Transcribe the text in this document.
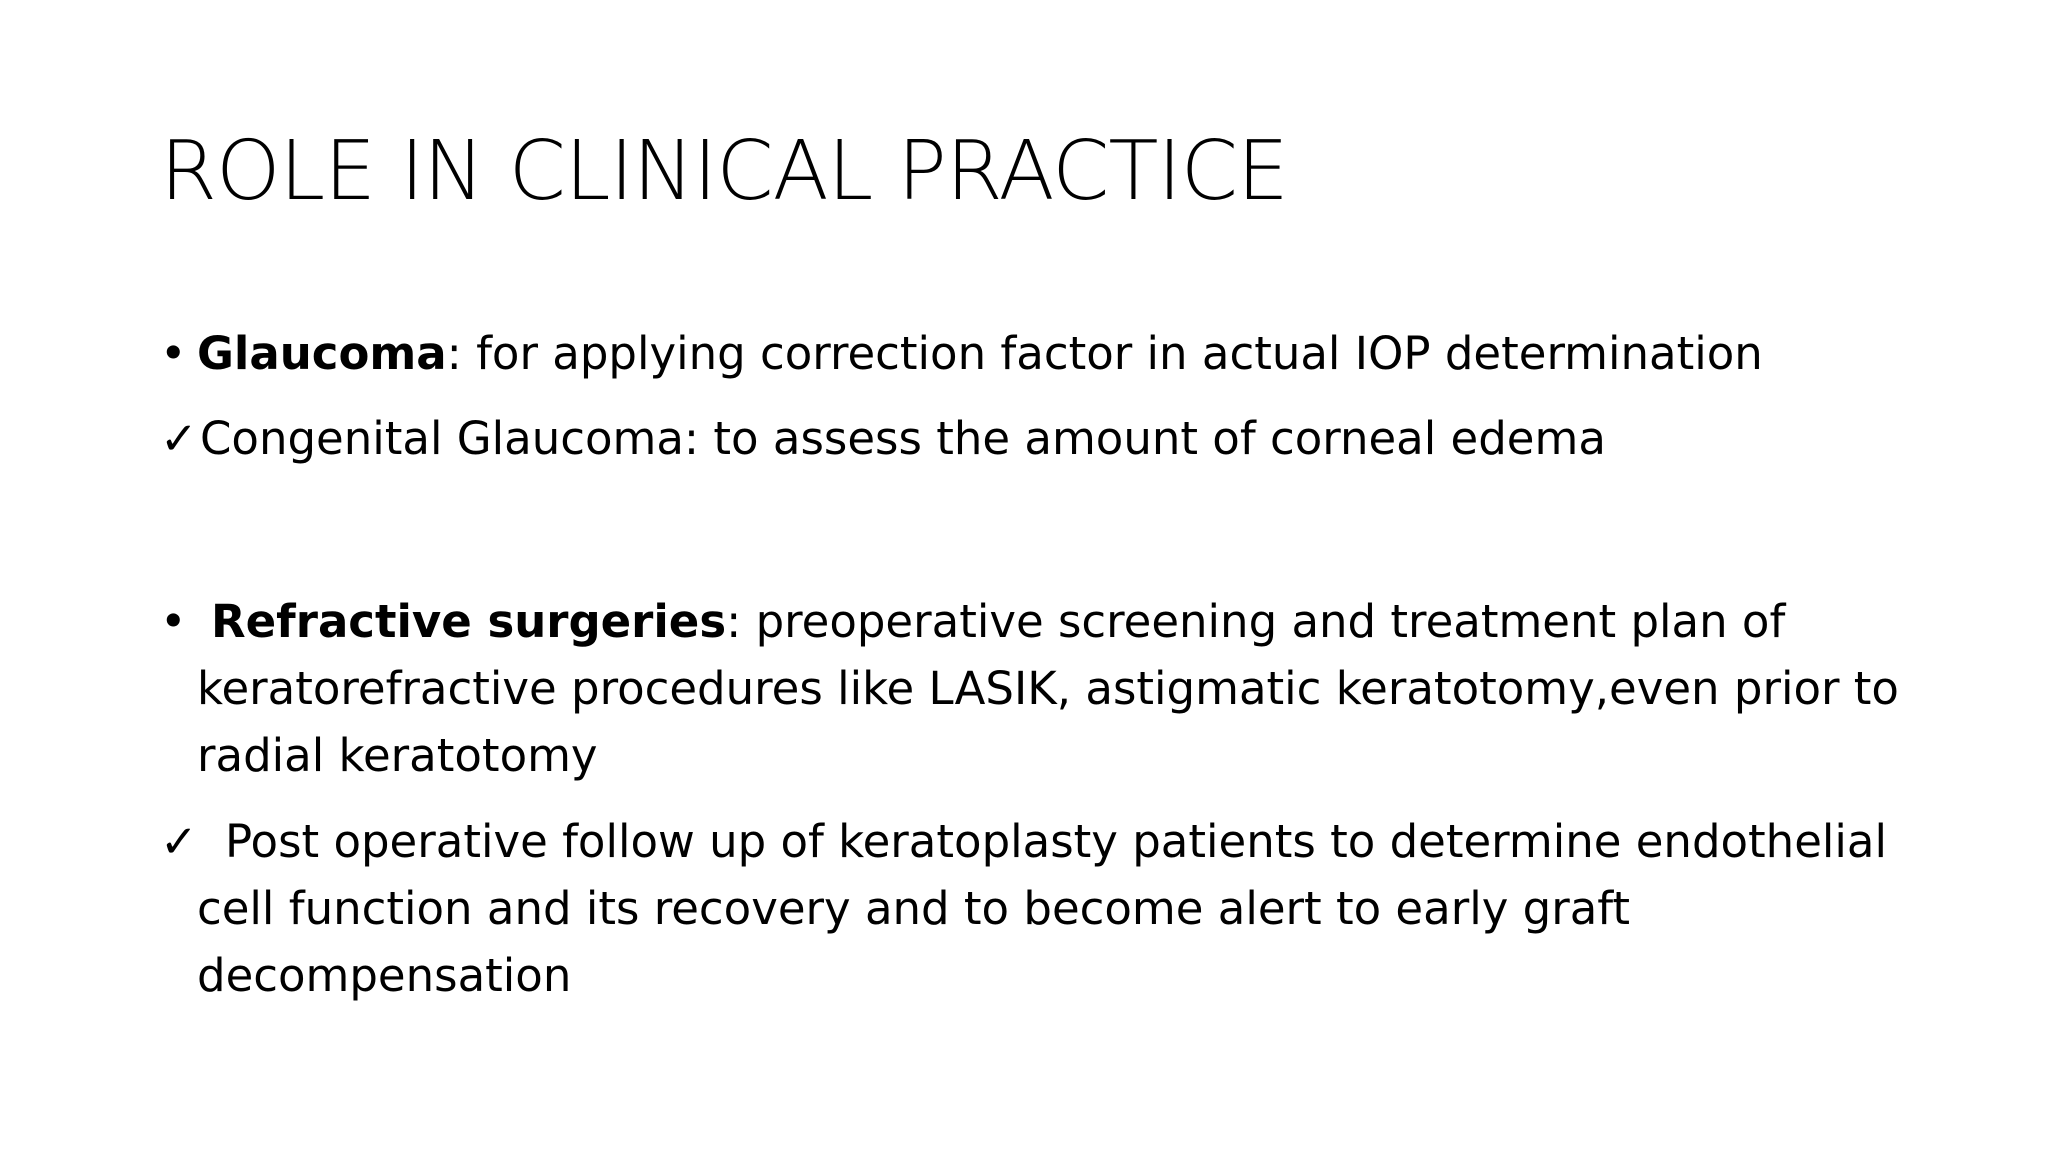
ROLE IN CLINICAL PRACTICE
• Glaucoma: for applying correction factor in actual IOP determination
✓ Congenital Glaucoma: to assess the amount of corneal edema
• Refractive surgeries: preoperative screening and treatment plan of keratorefractive procedures like LASIK, astigmatic keratotomy,even prior to radial keratotomy
✓ Post operative follow up of keratoplasty patients to determine endothelial cell function and its recovery and to become alert to early graft decompensation
